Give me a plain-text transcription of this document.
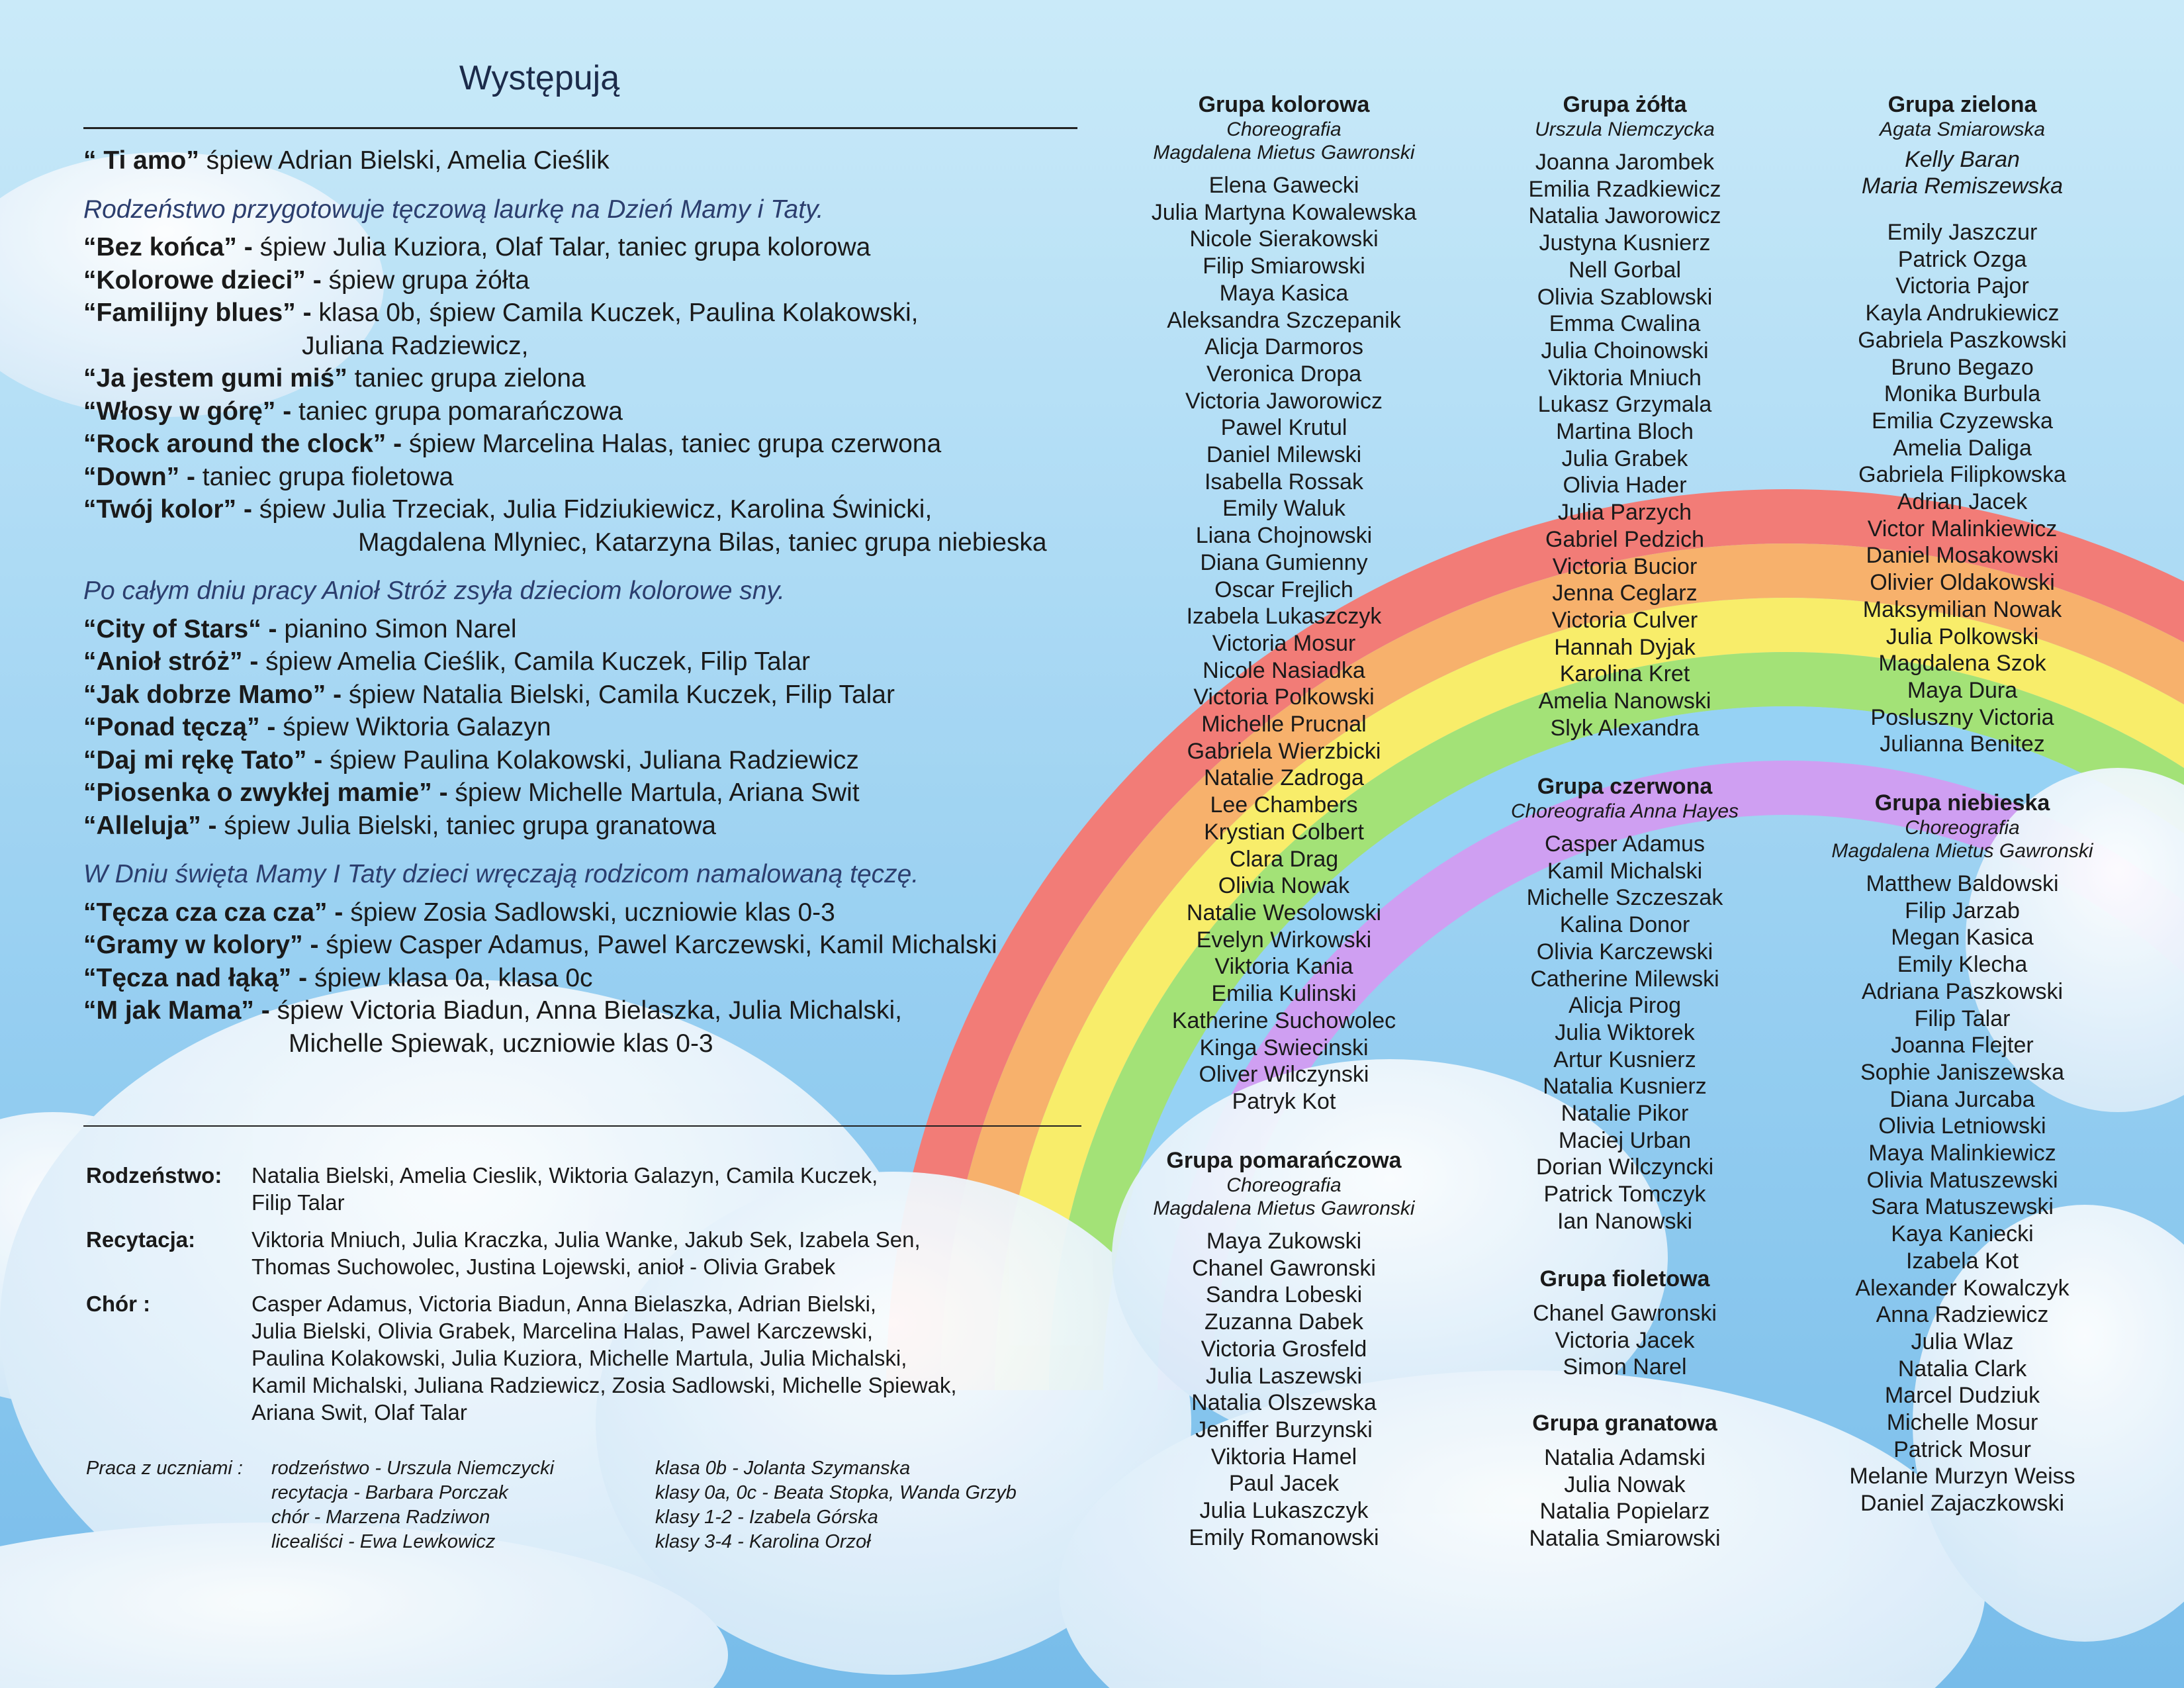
Występują
“ Ti amo” śpiew Adrian Bielski, Amelia Cieślik
Rodzeństwo przygotowuje tęczową laurkę na Dzień Mamy i Taty.
“Bez końca” - śpiew Julia Kuziora, Olaf Talar, taniec grupa kolorowa
“Kolorowe dzieci” - śpiew grupa żółta
“Familijny blues” - klasa 0b, śpiew Camila Kuczek, Paulina Kolakowski,
Juliana Radziewicz,
“Ja jestem gumi miś” taniec grupa zielona
“Włosy w górę” - taniec grupa pomarańczowa
“Rock around the clock” - śpiew Marcelina Halas, taniec grupa czerwona
“Down” - taniec grupa fioletowa
“Twój kolor” - śpiew Julia Trzeciak, Julia Fidziukiewicz, Karolina Świnicki,
Magdalena Mlyniec, Katarzyna Bilas, taniec grupa niebieska
Po całym dniu pracy Anioł Stróż zsyła dzieciom kolorowe sny.
“City of Stars“ - pianino Simon Narel
“Anioł stróż” - śpiew Amelia Cieślik, Camila Kuczek, Filip Talar
“Jak dobrze Mamo” - śpiew Natalia Bielski, Camila Kuczek, Filip Talar
“Ponad tęczą” - śpiew Wiktoria Galazyn
“Daj mi rękę Tato” - śpiew Paulina Kolakowski, Juliana Radziewicz
“Piosenka o zwykłej mamie” - śpiew Michelle Martula, Ariana Swit
“Alleluja” - śpiew Julia Bielski, taniec grupa granatowa
W Dniu święta Mamy I Taty dzieci wręczają rodzicom namalowaną tęczę.
“Tęcza cza cza cza” - śpiew Zosia Sadlowski, uczniowie klas 0-3
“Gramy w kolory” - śpiew Casper Adamus, Pawel Karczewski, Kamil Michalski
“Tęcza nad łąką” - śpiew klasa 0a, klasa 0c
“M jak Mama” - śpiew Victoria Biadun, Anna Bielaszka, Julia Michalski,
Michelle Spiewak, uczniowie klas 0-3
Rodzeństwo:	Natalia Bielski, Amelia Cieslik, Wiktoria Galazyn, Camila Kuczek,
Filip Talar
Recytacja:	Viktoria Mniuch, Julia Kraczka, Julia Wanke, Jakub Sek, Izabela Sen,
Thomas Suchowolec, Justina Lojewski, anioł - Olivia Grabek
Chór :	Casper Adamus, Victoria Biadun, Anna Bielaszka, Adrian Bielski,
Julia Bielski, Olivia Grabek, Marcelina Halas, Pawel Karczewski,
Paulina Kolakowski, Julia Kuziora, Michelle Martula, Julia Michalski,
Kamil Michalski, Juliana Radziewicz, Zosia Sadlowski, Michelle Spiewak,
Ariana Swit, Olaf Talar
Praca z uczniami :	rodzeństwo - Urszula Niemczycki
recytacja - Barbara Porczak
chór - Marzena Radziwon
licealiści - Ewa Lewkowicz
klasa 0b - Jolanta Szymanska
klasy 0a, 0c - Beata Stopka, Wanda Grzyb
klasy 1-2 - Izabela Górska
klasy 3-4 - Karolina Orzoł
Grupa kolorowa
Choreografia
Magdalena Mietus Gawronski
Elena Gawecki
Julia Martyna Kowalewska
Nicole Sierakowski
Filip Smiarowski
Maya Kasica
Aleksandra Szczepanik
Alicja Darmoros
Veronica Dropa
Victoria Jaworowicz
Pawel Krutul
Daniel Milewski
Isabella Rossak
Emily Waluk
Liana Chojnowski
Diana Gumienny
Oscar Frejlich
Izabela Lukaszczyk
Victoria Mosur
Nicole Nasiadka
Victoria Polkowski
Michelle Prucnal
Gabriela Wierzbicki
Natalie Zadroga
Lee Chambers
Krystian Colbert
Clara Drag
Olivia Nowak
Natalie Wesolowski
Evelyn Wirkowski
Viktoria Kania
Emilia Kulinski
Katherine Suchowolec
Kinga Swiecinski
Oliver Wilczynski
Patryk Kot
Grupa pomarańczowa
Choreografia
Magdalena Mietus Gawronski
Maya Zukowski
Chanel Gawronski
Sandra Lobeski
Zuzanna Dabek
Victoria Grosfeld
Julia Laszewski
Natalia Olszewska
Jeniffer Burzynski
Viktoria Hamel
Paul Jacek
Julia Lukaszczyk
Emily Romanowski
Grupa żółta
Urszula Niemczycka
Joanna Jarombek
Emilia Rzadkiewicz
Natalia Jaworowicz
Justyna Kusnierz
Nell Gorbal
Olivia Szablowski
Emma Cwalina
Julia Choinowski
Viktoria Mniuch
Lukasz Grzymala
Martina Bloch
Julia Grabek
Olivia Hader
Julia Parzych
Gabriel Pedzich
Victoria Bucior
Jenna Ceglarz
Victoria Culver
Hannah Dyjak
Karolina Kret
Amelia Nanowski
Slyk Alexandra
Grupa czerwona
Choreografia Anna Hayes
Casper Adamus
Kamil Michalski
Michelle Szczeszak
Kalina Donor
Olivia Karczewski
Catherine Milewski
Alicja Pirog
Julia Wiktorek
Artur Kusnierz
Natalia Kusnierz
Natalie Pikor
Maciej Urban
Dorian Wilczyncki
Patrick Tomczyk
Ian Nanowski
Grupa fioletowa
Chanel Gawronski
Victoria Jacek
Simon Narel
Grupa granatowa
Natalia Adamski
Julia Nowak
Natalia Popielarz
Natalia Smiarowski
Grupa zielona
Agata Smiarowska
Kelly Baran
Maria Remiszewska
Emily Jaszczur
Patrick Ozga
Victoria Pajor
Kayla Andrukiewicz
Gabriela Paszkowski
Bruno Begazo
Monika Burbula
Emilia Czyzewska
Amelia Daliga
Gabriela Filipkowska
Adrian Jacek
Victor Malinkiewicz
Daniel Mosakowski
Olivier Oldakowski
Maksymilian Nowak
Julia Polkowski
Magdalena Szok
Maya Dura
Posluszny Victoria
Julianna Benitez
Grupa niebieska
Choreografia
Magdalena Mietus Gawronski
Matthew Baldowski
Filip Jarzab
Megan Kasica
Emily Klecha
Adriana Paszkowski
Filip Talar
Joanna Flejter
Sophie Janiszewska
Diana Jurcaba
Olivia Letniowski
Maya Malinkiewicz
Olivia Matuszewski
Sara Matuszewski
Kaya Kaniecki
Izabela Kot
Alexander Kowalczyk
Anna Radziewicz
Julia Wlaz
Natalia Clark
Marcel Dudziuk
Michelle Mosur
Patrick Mosur
Melanie Murzyn Weiss
Daniel Zajaczkowski
